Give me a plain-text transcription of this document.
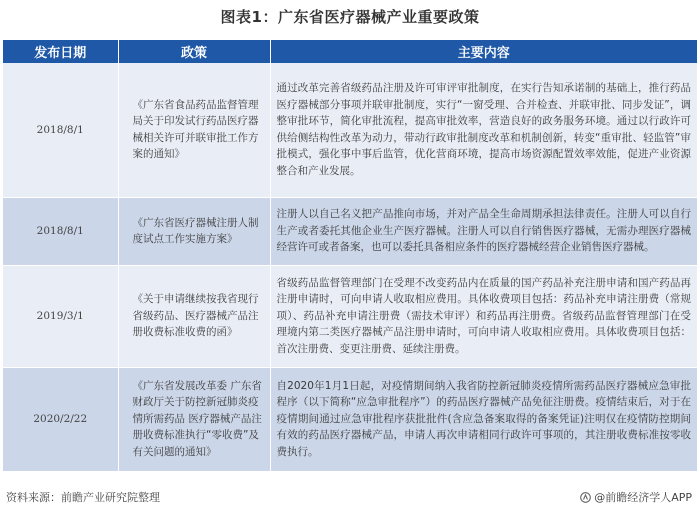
图表1：广东省医疗器械产业重要政策
发布日期	政策	主要内容
2018/8/1	《广东省食品药品监督管理局关于印发试行药品医疗器械相关许可并联审批工作方案的通知》	通过改革完善省级药品注册及许可审评审批制度，在实行告知承诺制的基础上，推行药品医疗器械部分事项并联审批制度，实行“一窗受理、合并检查、并联审批、同步发证”，调整审批环节，简化审批流程，提高审批效率，营造良好的政务服务环境。通过以行政许可供给侧结构性改革为动力，带动行政审批制度改革和机制创新，转变“重审批、轻监管”审批模式，强化事中事后监管，优化营商环境，提高市场资源配置效率效能，促进产业资源整合和产业发展。
2018/8/1	《广东省医疗器械注册人制度试点工作实施方案》	注册人以自己名义把产品推向市场，并对产品全生命周期承担法律责任。注册人可以自行生产或者委托其他企业生产医疗器械。注册人可以自行销售医疗器械，无需办理医疗器械经营许可或者备案，也可以委托具备相应条件的医疗器械经营企业销售医疗器械。
2019/3/1	《关于申请继续按我省现行省级药品、医疗器械产品注册收费标准收费的函》	省级药品监督管理部门在受理不改变药品内在质量的国产药品补充注册申请和国产药品再注册申请时，可向申请人收取相应费用。具体收费项目包括：药品补充申请注册费（常规项）、药品补充申请注册费（需技术审评）和药品再注册费。省级药品监督管理部门在受理境内第二类医疗器械产品注册申请时，可向申请人收取相应费用。具体收费项目包括：首次注册费、变更注册费、延续注册费。
2020/2/22	《广东省发展改革委 广东省财政厅关于防控新冠肺炎疫情所需药品 医疗器械产品注册收费标准执行“零收费”及有关问题的通知》	自2020年1月1日起，对疫情期间纳入我省防控新冠肺炎疫情所需药品医疗器械应急审批程序（以下简称“应急审批程序”）的药品医疗器械产品免征注册费。疫情结束后，对于在疫情期间通过应急审批程序获批批件(含应急备案取得的备案凭证)注明仅在疫情防控期间有效的药品医疗器械产品，申请人再次申请相同行政许可事项的，其注册收费标准按零收费执行。
资料来源：前瞻产业研究院整理	@前瞻经济学人APP
